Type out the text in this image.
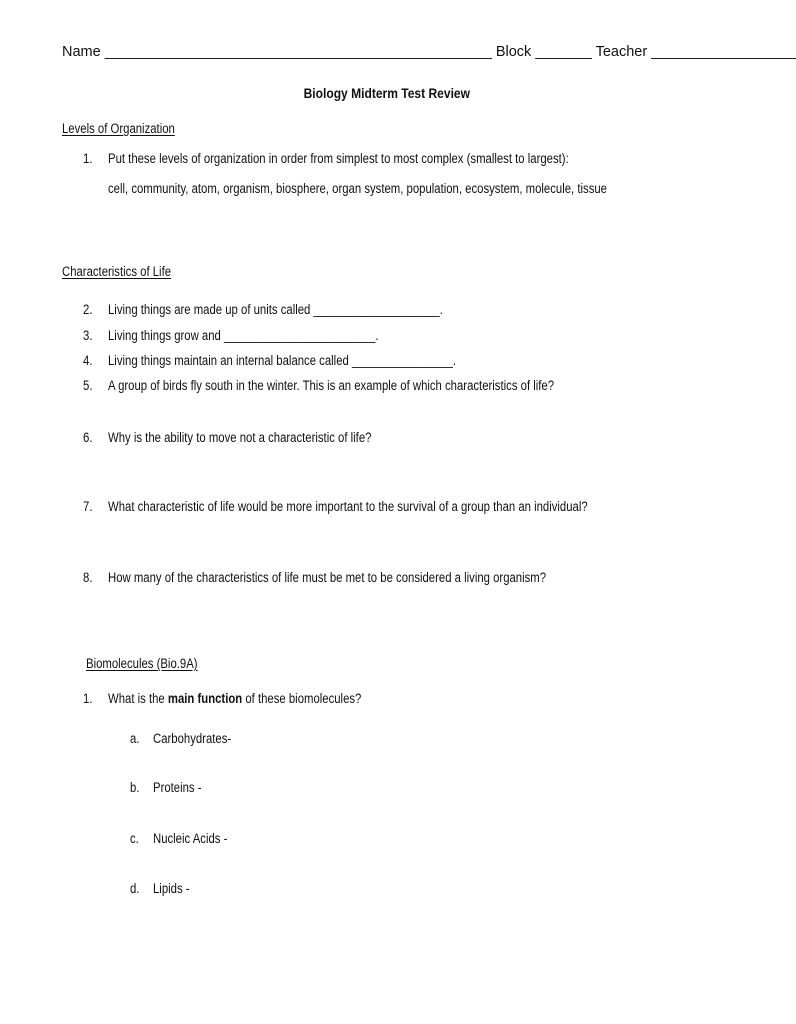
Name ________________________________________________ Block _______ Teacher __________________
Biology Midterm Test Review
Levels of Organization
1. Put these levels of organization in order from simplest to most complex (smallest to largest):
cell, community, atom, organism, biosphere, organ system, population, ecosystem, molecule, tissue
Characteristics of Life
2. Living things are made up of units called ____________________.
3. Living things grow and ________________________.
4. Living things maintain an internal balance called ________________.
5. A group of birds fly south in the winter. This is an example of which characteristics of life?
6. Why is the ability to move not a characteristic of life?
7. What characteristic of life would be more important to the survival of a group than an individual?
8. How many of the characteristics of life must be met to be considered a living organism?
Biomolecules (Bio.9A)
1. What is the main function of these biomolecules?
a. Carbohydrates-
b. Proteins -
c. Nucleic Acids -
d. Lipids -
